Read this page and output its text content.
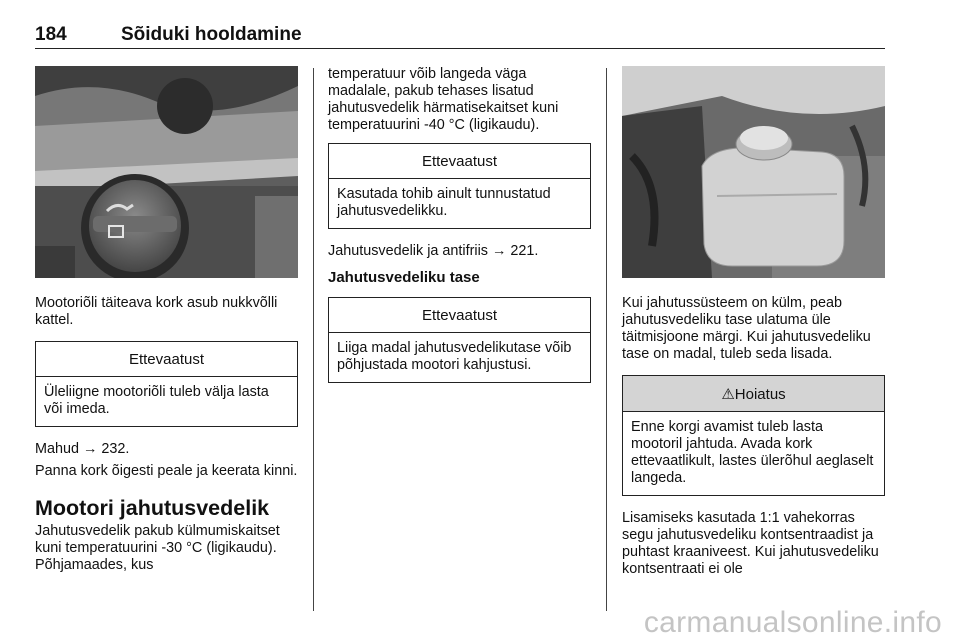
184	Sõiduki hooldamine

Mootoriõli täiteava kork asub nukkvõlli kattel.

Ettevaatust
Üleliigne mootoriõli tuleb välja lasta või imeda.

Mahud → 232.

Panna kork õigesti peale ja keerata kinni.

Mootori jahutusvedelik

Jahutusvedelik pakub külmumiskaitset kuni temperatuurini -30 °C (ligikaudu). Põhjamaades, kus

temperatuur võib langeda väga madalale, pakub tehases lisatud jahutusvedelik härmatisekaitset kuni temperatuurini -40 °C (ligikaudu).

Ettevaatust
Kasutada tohib ainult tunnustatud jahutusvedelikku.

Jahutusvedelik ja antifriis → 221.

Jahutusvedeliku tase
Ettevaatust
Liiga madal jahutusvedelikutase võib põhjustada mootori kahjustusi.

Kui jahutussüsteem on külm, peab jahutusvedeliku tase ulatuma üle täitmisjoone märgi. Kui jahutusvedeliku tase on madal, tuleb seda lisada.

⚠Hoiatus
Enne korgi avamist tuleb lasta mootoril jahtuda. Avada kork ettevaatlikult, lastes ülerõhul aeglaselt langeda.

Lisamiseks kasutada 1:1 vahekorras segu jahutusvedeliku kontsentraadist ja puhtast kraaniveest. Kui jahutusvedeliku kontsentraati ei ole

carmanualsonline.info
